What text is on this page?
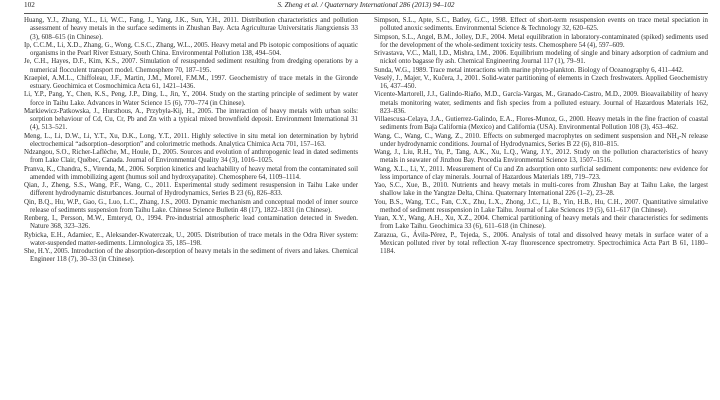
102	S. Zheng et al. / Quaternary International 286 (2013) 94–102
Huang, Y.J., Zhang, Y.L., Li, W.C., Fang, J., Yang, J.K., Sun, Y.H., 2011. Distribution characteristics and pollution assessment of heavy metals in the surface sediments in Zhushan Bay. Acta Agriculturae Universitatis Jiangxiensis 33 (3), 608–615 (in Chinese).
Ip, C.C.M., Li, X.D., Zhang, G., Wong, C.S.C., Zhang, W.L., 2005. Heavy metal and Pb isotopic compositions of aquatic organisms in the Pearl River Estuary, South China. Environmental Pollution 138, 494–504.
Je, C.H., Hayes, D.F., Kim, K.S., 2007. Simulation of resuspended sediment resulting from dredging operations by a numerical flocculent transport model. Chemosphere 70, 187–195.
Kraepiel, A.M.L., Chiffoleau, J.F., Martin, J.M., Morel, F.M.M., 1997. Geochemistry of trace metals in the Gironde estuary. Geochimica et Cosmochimica Acta 61, 1421–1436.
Li, Y.P., Pang, Y., Chen, K.S., Peng, J.P., Ding, L., Jin, Y., 2004. Study on the starting principle of sediment by water force in Taihu Lake. Advances in Water Science 15 (6), 770–774 (in Chinese).
Markiewicz-Patkowska, J., Hursthous, A., Przybyła-Kij, H., 2005. The interaction of heavy metals with urban soils: sorption behaviour of Cd, Cu, Cr, Pb and Zn with a typical mixed brownfield deposit. Environment International 31 (4), 513–521.
Meng, L., Li, D.W., Li, Y.T., Xu, D.K., Long, Y.T., 2011. Highly selective in situ metal ion determination by hybrid electrochemical “adsorption–desorption” and colorimetric methods. Analytica Chimica Acta 701, 157–163.
Ndzangou, S.O., Richer-Laflèche, M., Houle, D., 2005. Sources and evolution of anthropogenic lead in dated sediments from Lake Clair, Québec, Canada. Journal of Environmental Quality 34 (3), 1016–1025.
Pranva, K., Chandra, S., Virenda, M., 2006. Sorption kinetics and leachability of heavy metal from the contaminated soil amended with immobilizing agent (humus soil and hydroxyapatite). Chemosphere 64, 1109–1114.
Qian, J., Zheng, S.S., Wang, P.F., Wang, C., 2011. Experimental study sediment resuspension in Taihu Lake under different hydrodynamic disturbances. Journal of Hydrodynamics, Series B 23 (6), 826–833.
Qin, B.Q., Hu, W.P., Gao, G., Luo, L.C., Zhang, J.S., 2003. Dynamic mechanism and conceptual model of inner source release of sediments suspension from Taihu Lake. Chinese Science Bulletin 48 (17), 1822–1831 (in Chinese).
Renberg, I., Persson, M.W., Emteryd, O., 1994. Pre-industrial atmospheric lead contamination detected in Sweden. Nature 368, 323–326.
Rybicka, E.H., Adamiec, E., Aleksander-Kwaterczak, U., 2005. Distribution of trace metals in the Odra River system: water-suspended matter-sediments. Limnologica 35, 185–198.
She, H.Y., 2005. Introduction of the absorption-desorption of heavy metals in the sediment of rivers and lakes. Chemical Engineer 118 (7), 30–33 (in Chinese).
Simpson, S.L., Apte, S.C., Batley, G.C., 1998. Effect of short-term resuspension events on trace metal speciation in polluted anoxic sediments. Environmental Science & Technology 32, 620–625.
Simpson, S.L., Angel, B.M., Jolley, D.F., 2004. Metal equilibration in laboratory-contaminated (spiked) sediments used for the development of the whole-sediment toxicity tests. Chemosphere 54 (4), 597–609.
Srivastava, V.C., Mall, I.D., Mishra, I.M., 2006. Equilibrium modeling of single and binary adsorption of cadmium and nickel onto bagasse fly ash. Chemical Engineering Journal 117 (1), 79–91.
Sunda, W.G., 1989. Trace metal interactions with marine phyto-plankton. Biology of Oceanography 6, 411–442.
Veselý, J., Majer, V., Kučera, J., 2001. Solid-water partitioning of elements in Czech freshwaters. Applied Geochemistry 16, 437–450.
Vicente-Martorell, J.J., Galindo-Riaño, M.D., García-Vargas, M., Granado-Castro, M.D., 2009. Bioavailability of heavy metals monitoring water, sediments and fish species from a polluted estuary. Journal of Hazardous Materials 162, 823–836.
Villaescusa-Celaya, J.A., Gutierrez-Galindo, E.A., Flores-Munoz, G., 2000. Heavy metals in the fine fraction of coastal sediments from Baja California (Mexico) and California (USA). Environmental Pollution 108 (3), 453–462.
Wang, C., Wang, C., Wang, Z., 2010. Effects on submerged macrophytes on sediment suspension and NH₄-N release under hydrodynamic conditions. Journal of Hydrodynamics, Series B 22 (6), 810–815.
Wang, J., Liu, R.H., Yu, P., Tang, A.K., Xu, L.Q., Wang, J.Y., 2012. Study on the pollution characteristics of heavy metals in seawater of Jinzhou Bay. Procedia Environmental Science 13, 1507–1516.
Wang, X.L., Li, Y., 2011. Measurement of Cu and Zn adsorption onto surficial sediment components: new evidence for less importance of clay minerals. Journal of Hazardous Materials 189, 719–723.
Yao, S.C., Xue, B., 2010. Nutrients and heavy metals in multi-cores from Zhushan Bay at Taihu Lake, the largest shallow lake in the Yangtze Delta, China. Quaternary International 226 (1–2), 23–28.
You, B.S., Wang, T.C., Fan, C.X., Zhu, L.X., Zhong, J.C., Li, B., Yin, H.B., Hu, C.H., 2007. Quantitative simulative method of sediment resuspension in Lake Taihu. Journal of Lake Sciences 19 (5), 611–617 (in Chinese).
Yuan, X.Y., Wang, A.H., Xu, X.Z., 2004. Chemical partitioning of heavy metals and their characteristics for sediments from Lake Taihu. Geochimica 33 (6), 611–618 (in Chinese).
Zarazua, G., Ávila-Pérez, P., Tejeda, S., 2006. Analysis of total and dissolved heavy metals in surface water of a Mexican polluted river by total reflection X-ray fluorescence spectrometry. Spectrochimica Acta Part B 61, 1180–1184.
